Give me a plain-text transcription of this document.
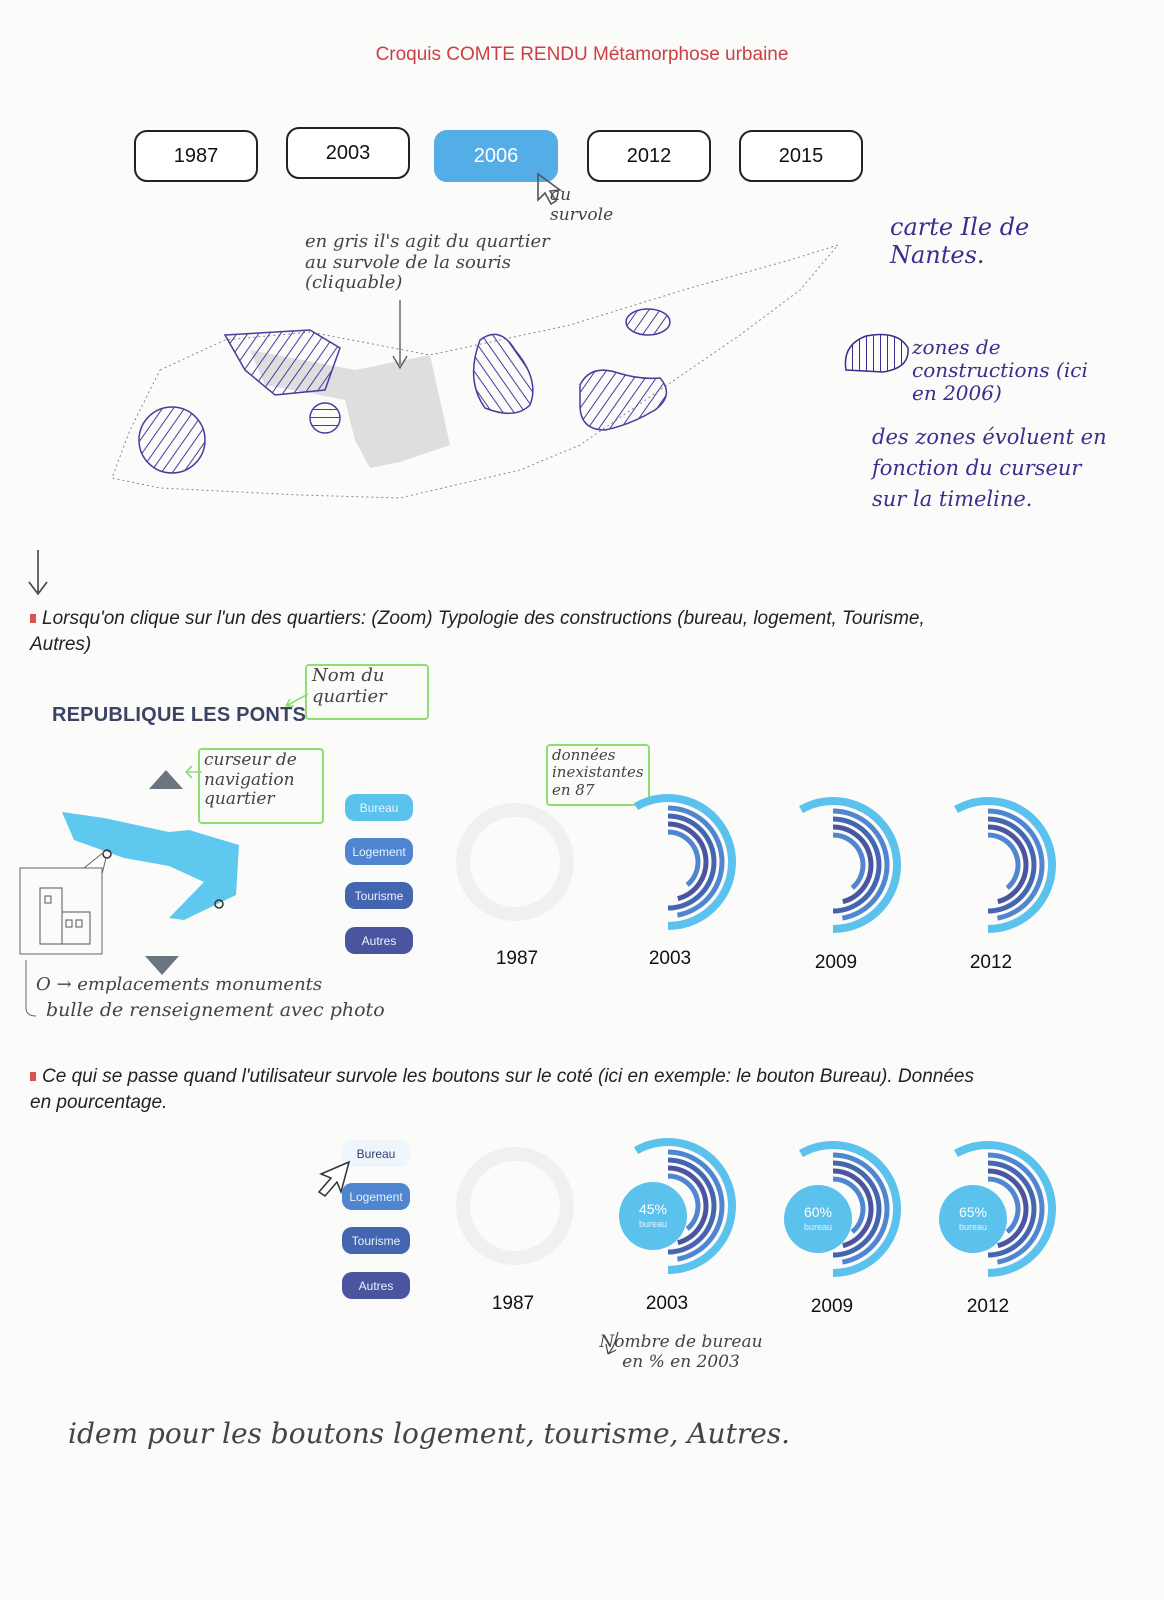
Croquis COMTE RENDU Métamorphose urbaine
1987	2003	2006	2012	2015
au survole
en gris il's agit du quartier au survole de la souris (cliquable)
carte Ile de Nantes.
zones de constructions (ici en 2006)
des zones évoluent en fonction du curseur sur la timeline.
Lorsqu'on clique sur l'un des quartiers: (Zoom) Typologie des constructions (bureau, logement, Tourisme, Autres)
REPUBLIQUE LES PONTS
Nom du quartier
curseur de navigation quartier
O → emplacements monuments
bulle de renseignement avec photo
Bureau
Logement
Tourisme
Autres
données inexistantes en 87
1987	2003	2009	2012
Ce qui se passe quand l'utilisateur survole les boutons sur le coté (ici en exemple: le bouton Bureau). Données en pourcentage.
Bureau
Logement
Tourisme
Autres
45%
bureau
60%
bureau
65%
bureau
1987	2003	2009	2012
Nombre de bureau en % en 2003
idem pour les boutons logement, tourisme, Autres.
